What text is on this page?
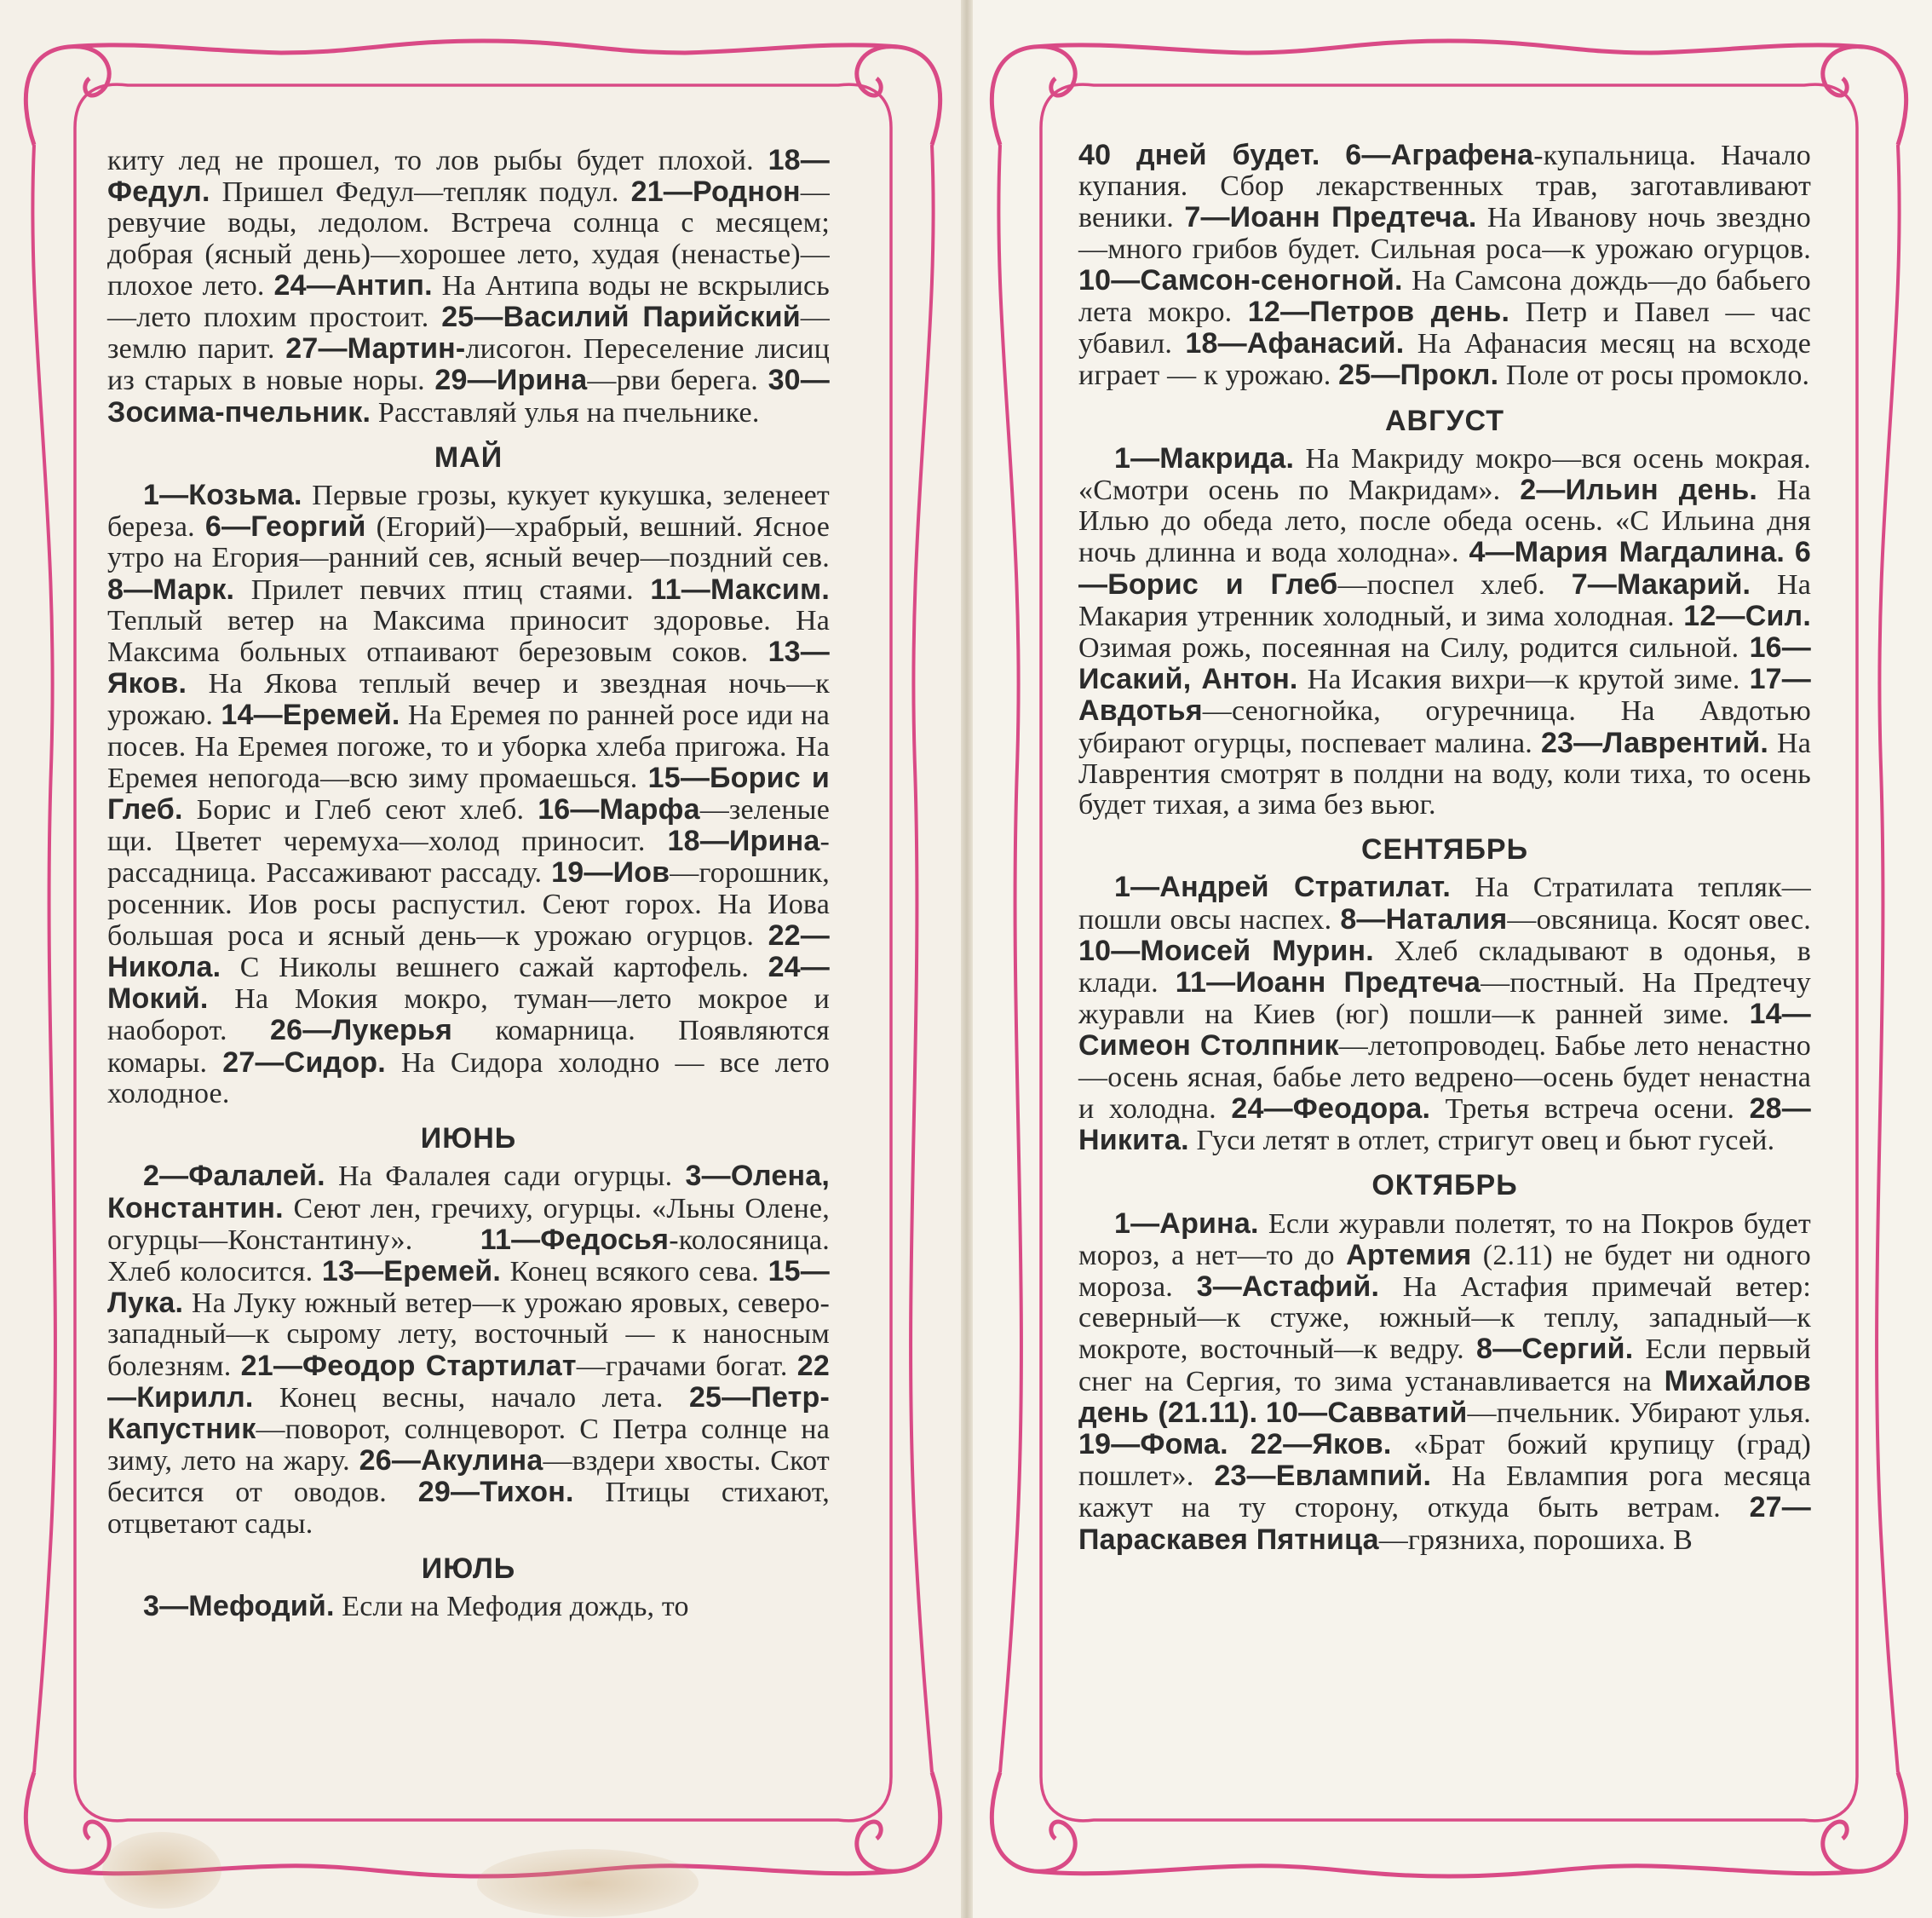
киту лед не прошел, то лов рыбы будет плохой. 18—Федул. Пришел Федул—тепляк подул. 21—Роднон—ревучие воды, ледолом. Встреча солнца с месяцем; добрая (ясный день)—хорошее лето, худая (ненастье)—плохое лето. 24—Антип. На Антипа воды не вскрылись—лето плохим простоит. 25—Василий Парийский—землю парит. 27—Мартин-лисогон. Переселение лисиц из старых в новые норы. 29—Ирина—рви берега. 30—Зосима-пчельник. Расставляй улья на пчельнике.

МАЙ

1—Козьма. Первые грозы, кукует кукушка, зеленеет береза. 6—Георгий (Егорий)—храбрый, вешний. Ясное утро на Егория—ранний сев, ясный вечер—поздний сев. 8—Марк. Прилет певчих птиц стаями. 11—Максим. Теплый ветер на Максима приносит здоровье. На Максима больных отпаивают березовым соков. 13—Яков. На Якова теплый вечер и звездная ночь—к урожаю. 14—Еремей. На Еремея по ранней росе иди на посев. На Еремея погоже, то и уборка хлеба пригожа. На Еремея непогода—всю зиму промаешься. 15—Борис и Глеб. Борис и Глеб сеют хлеб. 16—Марфа—зеленые щи. Цветет черемуха—холод приносит. 18—Ирина-рассадница. Рассаживают рассаду. 19—Иов—горошник, росенник. Иов росы распустил. Сеют горох. На Иова большая роса и ясный день—к урожаю огурцов. 22—Никола. С Николы вешнего сажай картофель. 24—Мокий. На Мокия мокро, туман—лето мокрое и наоборот. 26—Лукерья комарница. Появляются комары. 27—Сидор. На Сидора холодно — все лето холодное.

ИЮНЬ

2—Фалалей. На Фалалея сади огурцы. 3—Олена, Константин. Сеют лен, гречиху, огурцы. «Льны Олене, огурцы—Константину». 11—Федосья-колосяница. Хлеб колосится. 13—Еремей. Конец всякого сева. 15—Лука. На Луку южный ветер—к урожаю яровых, северо-западный—к сырому лету, восточный — к наносным болезням. 21—Феодор Стартилат—грачами богат. 22—Кирилл. Конец весны, начало лета. 25—Петр-Капустник—поворот, солнцеворот. С Петра солнце на зиму, лето на жару. 26—Акулина—вздери хвосты. Скот бесится от оводов. 29—Тихон. Птицы стихают, отцветают сады.

ИЮЛЬ

3—Мефодий. Если на Мефодия дождь, то

40 дней будет. 6—Аграфена-купальница. Начало купания. Сбор лекарственных трав, заготавливают веники. 7—Иоанн Предтеча. На Иванову ночь звездно—много грибов будет. Сильная роса—к урожаю огурцов. 10—Самсон-сеногной. На Самсона дождь—до бабьего лета мокро. 12—Петров день. Петр и Павел — час убавил. 18—Афанасий. На Афанасия месяц на всходе играет — к урожаю. 25—Прокл. Поле от росы промокло.

АВГУСТ

1—Макрида. На Макриду мокро—вся осень мокрая. «Смотри осень по Макридам». 2—Ильин день. На Илью до обеда лето, после обеда осень. «С Ильина дня ночь длинна и вода холодна». 4—Мария Магдалина. 6—Борис и Глеб—поспел хлеб. 7—Макарий. На Макария утренник холодный, и зима холодная. 12—Сил. Озимая рожь, посеянная на Силу, родится сильной. 16—Исакий, Антон. На Исакия вихри—к крутой зиме. 17—Авдотья—сеногнойка, огуречница. На Авдотью убирают огурцы, поспевает малина. 23—Лаврентий. На Лаврентия смотрят в полдни на воду, коли тиха, то осень будет тихая, а зима без вьюг.

СЕНТЯБРЬ

1—Андрей Стратилат. На Стратилата тепляк—пошли овсы наспех. 8—Наталия—овсяница. Косят овес. 10—Моисей Мурин. Хлеб складывают в одонья, в клади. 11—Иоанн Предтеча—постный. На Предтечу журавли на Киев (юг) пошли—к ранней зиме. 14—Симеон Столпник—летопроводец. Бабье лето ненастно—осень ясная, бабье лето ведрено—осень будет ненастна и холодна. 24—Феодора. Третья встреча осени. 28—Никита. Гуси летят в отлет, стригут овец и бьют гусей.

ОКТЯБРЬ

1—Арина. Если журавли полетят, то на Покров будет мороз, а нет—то до Артемия (2.11) не будет ни одного мороза. 3—Астафий. На Астафия примечай ветер: северный—к стуже, южный—к теплу, западный—к мокроте, восточный—к ведру. 8—Сергий. Если первый снег на Сергия, то зима устанавливается на Михайлов день (21.11). 10—Савватий—пчельник. Убирают улья. 19—Фома. 22—Яков. «Брат божий крупицу (град) пошлет». 23—Евлампий. На Евлампия рога месяца кажут на ту сторону, откуда быть ветрам. 27—Параскавея Пятница—грязниха, порошиха. В
